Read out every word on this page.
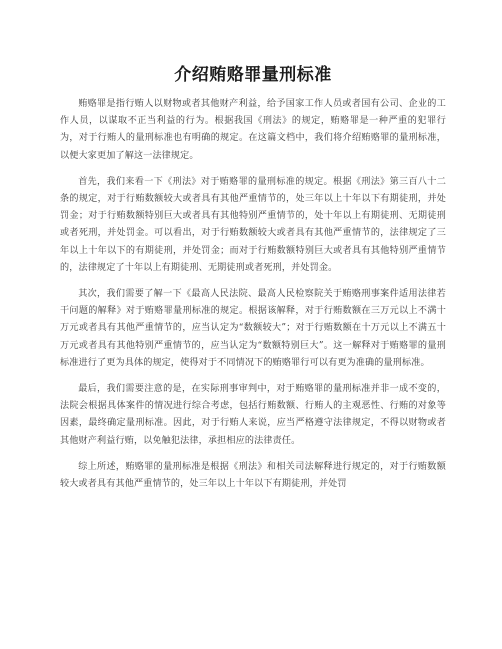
介绍贿赂罪量刑标准

贿赂罪是指行贿人以财物或者其他财产利益，给予国家工作人员或者国有公司、企业的工作人员，以谋取不正当利益的行为。根据我国《刑法》的规定，贿赂罪是一种严重的犯罪行为，对于行贿人的量刑标准也有明确的规定。在这篇文档中，我们将介绍贿赂罪的量刑标准，以便大家更加了解这一法律规定。

首先，我们来看一下《刑法》对于贿赂罪的量刑标准的规定。根据《刑法》第三百八十二条的规定，对于行贿数额较大或者具有其他严重情节的，处三年以上十年以下有期徒刑，并处罚金；对于行贿数额特别巨大或者具有其他特别严重情节的，处十年以上有期徒刑、无期徒刑或者死刑，并处罚金。可以看出，对于行贿数额较大或者具有其他严重情节的，法律规定了三年以上十年以下的有期徒刑，并处罚金；而对于行贿数额特别巨大或者具有其他特别严重情节的，法律规定了十年以上有期徒刑、无期徒刑或者死刑，并处罚金。

其次，我们需要了解一下《最高人民法院、最高人民检察院关于贿赂刑事案件适用法律若干问题的解释》对于贿赂罪量刑标准的规定。根据该解释，对于行贿数额在三万元以上不满十万元或者具有其他严重情节的，应当认定为“数额较大”；对于行贿数额在十万元以上不满五十万元或者具有其他特别严重情节的，应当认定为“数额特别巨大”。这一解释对于贿赂罪的量刑标准进行了更为具体的规定，使得对于不同情况下的贿赂罪行可以有更为准确的量刑标准。

最后，我们需要注意的是，在实际刑事审判中，对于贿赂罪的量刑标准并非一成不变的，法院会根据具体案件的情况进行综合考虑，包括行贿数额、行贿人的主观恶性、行贿的对象等因素，最终确定量刑标准。因此，对于行贿人来说，应当严格遵守法律规定，不得以财物或者其他财产利益行贿，以免触犯法律，承担相应的法律责任。

综上所述，贿赂罪的量刑标准是根据《刑法》和相关司法解释进行规定的，对于行贿数额较大或者具有其他严重情节的，处三年以上十年以下有期徒刑，并处罚
